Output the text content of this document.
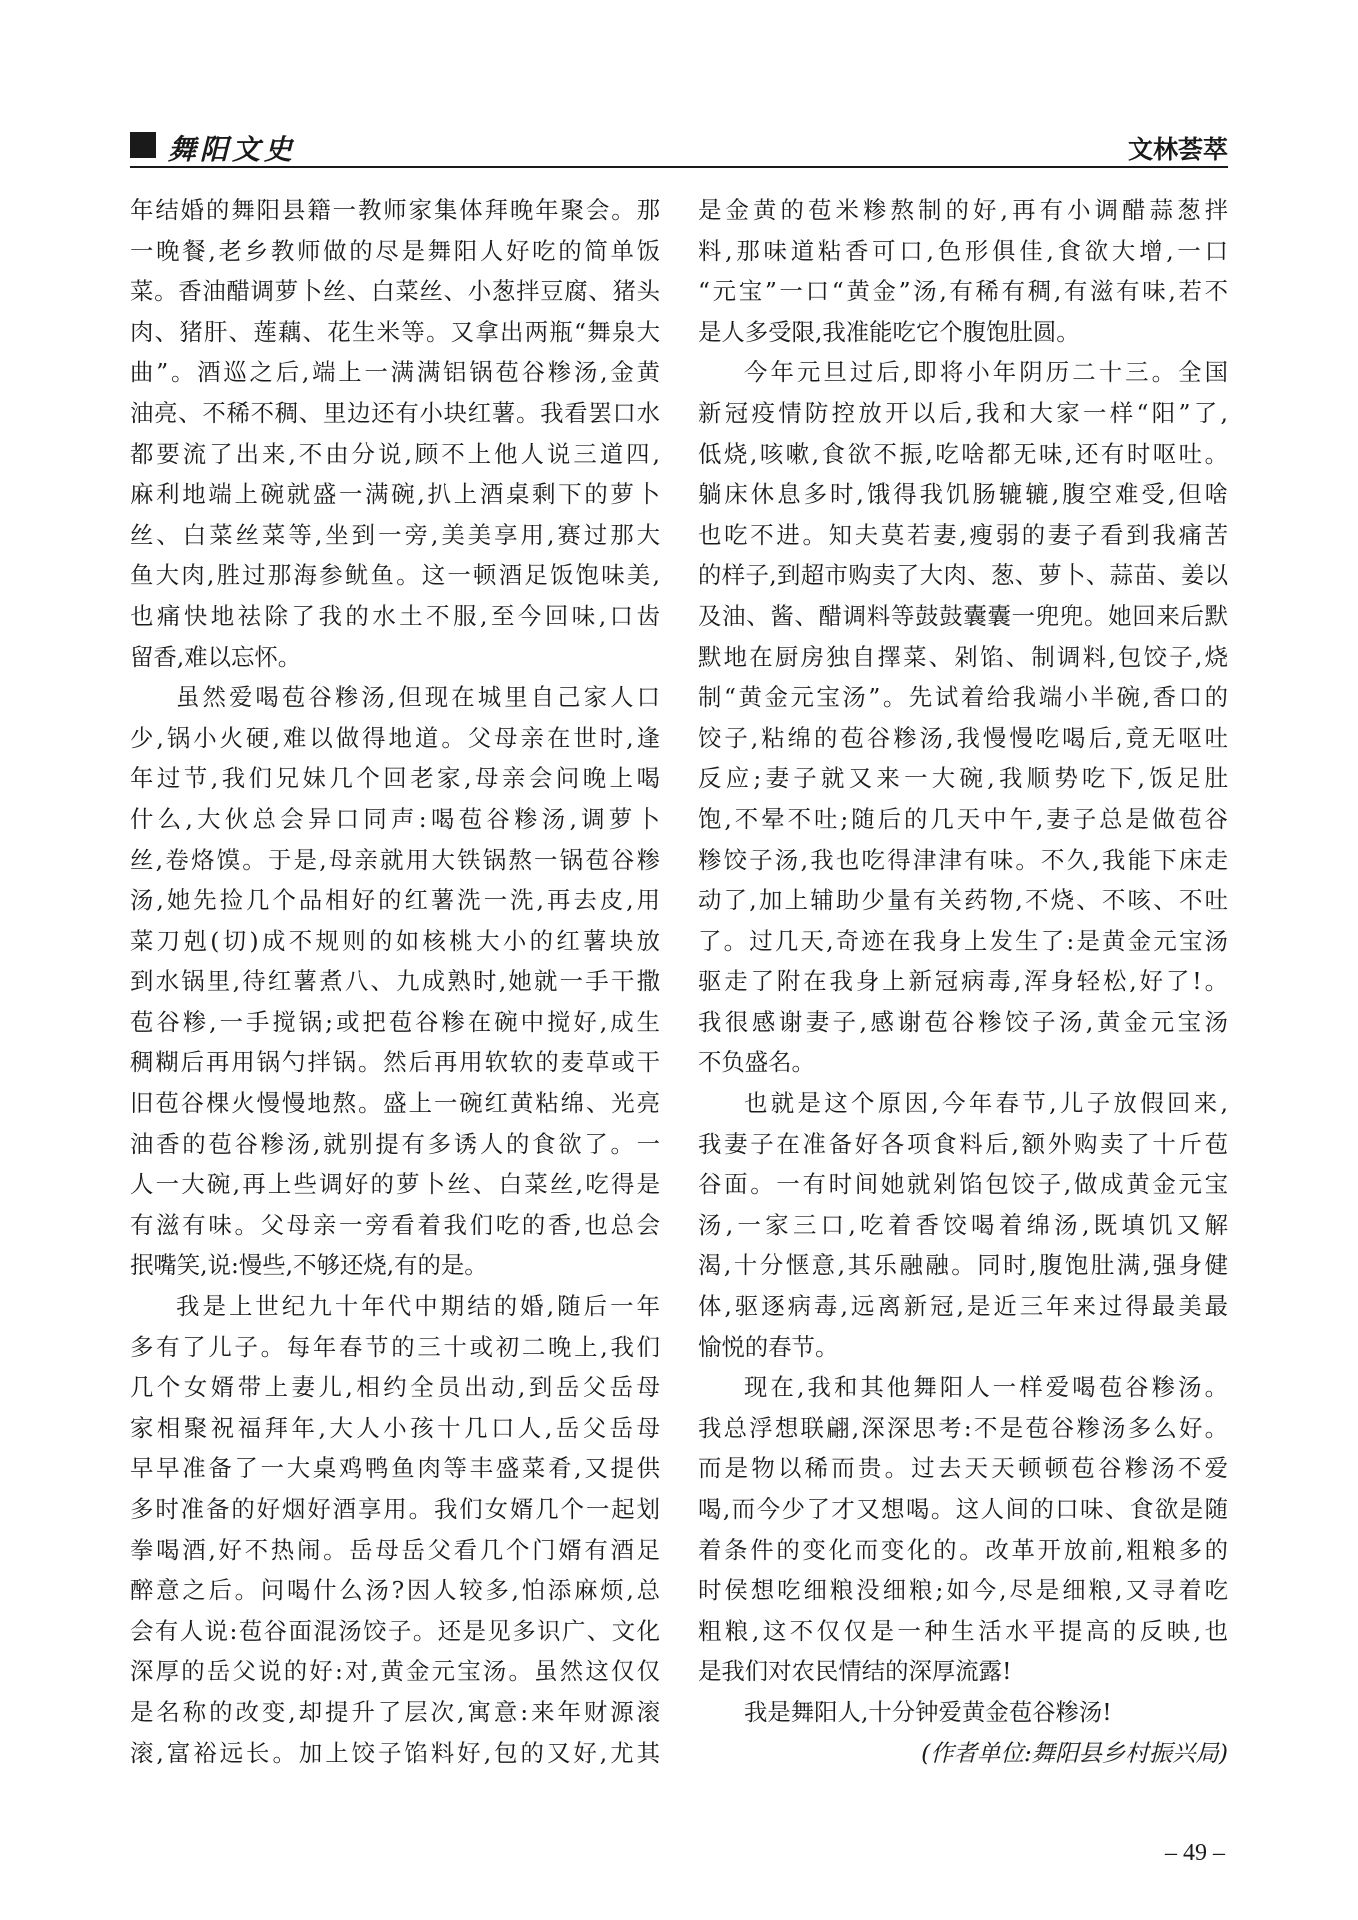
舞阳文史	文林荟萃
年结婚的舞阳县籍一教师家集体拜晚年聚会。那
一晚餐,老乡教师做的尽是舞阳人好吃的简单饭
菜。香油醋调萝卜丝、白菜丝、小葱拌豆腐、猪头
肉、猪肝、莲藕、花生米等。又拿出两瓶“舞泉大
曲”。酒巡之后,端上一满满铝锅苞谷糁汤,金黄
油亮、不稀不稠、里边还有小块红薯。我看罢口水
都要流了出来,不由分说,顾不上他人说三道四,
麻利地端上碗就盛一满碗,扒上酒桌剩下的萝卜
丝、白菜丝菜等,坐到一旁,美美享用,赛过那大
鱼大肉,胜过那海参鱿鱼。这一顿酒足饭饱味美,
也痛快地祛除了我的水土不服,至今回味,口齿
留香,难以忘怀。
虽然爱喝苞谷糁汤,但现在城里自己家人口
少,锅小火硬,难以做得地道。父母亲在世时,逢
年过节,我们兄妹几个回老家,母亲会问晚上喝
什么,大伙总会异口同声:喝苞谷糁汤,调萝卜
丝,卷烙馍。于是,母亲就用大铁锅熬一锅苞谷糁
汤,她先捡几个品相好的红薯洗一洗,再去皮,用
菜刀剋(切)成不规则的如核桃大小的红薯块放
到水锅里,待红薯煮八、九成熟时,她就一手干撒
苞谷糁,一手搅锅;或把苞谷糁在碗中搅好,成生
稠糊后再用锅勺拌锅。然后再用软软的麦草或干
旧苞谷棵火慢慢地熬。盛上一碗红黄粘绵、光亮
油香的苞谷糁汤,就别提有多诱人的食欲了。一
人一大碗,再上些调好的萝卜丝、白菜丝,吃得是
有滋有味。父母亲一旁看着我们吃的香,也总会
抿嘴笑,说:慢些,不够还烧,有的是。
我是上世纪九十年代中期结的婚,随后一年
多有了儿子。每年春节的三十或初二晚上,我们
几个女婿带上妻儿,相约全员出动,到岳父岳母
家相聚祝福拜年,大人小孩十几口人,岳父岳母
早早准备了一大桌鸡鸭鱼肉等丰盛菜肴,又提供
多时准备的好烟好酒享用。我们女婿几个一起划
拳喝酒,好不热闹。岳母岳父看几个门婿有酒足
醉意之后。问喝什么汤?因人较多,怕添麻烦,总
会有人说:苞谷面混汤饺子。还是见多识广、文化
深厚的岳父说的好:对,黄金元宝汤。虽然这仅仅
是名称的改变,却提升了层次,寓意:来年财源滚
滚,富裕远长。加上饺子馅料好,包的又好,尤其
是金黄的苞米糁熬制的好,再有小调醋蒜葱拌
料,那味道粘香可口,色形俱佳,食欲大增,一口
“元宝”一口“黄金”汤,有稀有稠,有滋有味,若不
是人多受限,我准能吃它个腹饱肚圆。
今年元旦过后,即将小年阴历二十三。全国
新冠疫情防控放开以后,我和大家一样“阳”了,
低烧,咳嗽,食欲不振,吃啥都无味,还有时呕吐。
躺床休息多时,饿得我饥肠辘辘,腹空难受,但啥
也吃不进。知夫莫若妻,瘦弱的妻子看到我痛苦
的样子,到超市购卖了大肉、葱、萝卜、蒜苗、姜以
及油、酱、醋调料等鼓鼓囊囊一兜兜。她回来后默
默地在厨房独自擇菜、剁馅、制调料,包饺子,烧
制“黄金元宝汤”。先试着给我端小半碗,香口的
饺子,粘绵的苞谷糁汤,我慢慢吃喝后,竟无呕吐
反应;妻子就又来一大碗,我顺势吃下,饭足肚
饱,不晕不吐;随后的几天中午,妻子总是做苞谷
糁饺子汤,我也吃得津津有味。不久,我能下床走
动了,加上辅助少量有关药物,不烧、不咳、不吐
了。过几天,奇迹在我身上发生了:是黄金元宝汤
驱走了附在我身上新冠病毒,浑身轻松,好了!。
我很感谢妻子,感谢苞谷糁饺子汤,黄金元宝汤
不负盛名。
也就是这个原因,今年春节,儿子放假回来,
我妻子在准备好各项食料后,额外购卖了十斤苞
谷面。一有时间她就剁馅包饺子,做成黄金元宝
汤,一家三口,吃着香饺喝着绵汤,既填饥又解
渴,十分惬意,其乐融融。同时,腹饱肚满,强身健
体,驱逐病毒,远离新冠,是近三年来过得最美最
愉悦的春节。
现在,我和其他舞阳人一样爱喝苞谷糁汤。
我总浮想联翩,深深思考:不是苞谷糁汤多么好。
而是物以稀而贵。过去天天顿顿苞谷糁汤不爱
喝,而今少了才又想喝。这人间的口味、食欲是随
着条件的变化而变化的。改革开放前,粗粮多的
时侯想吃细粮没细粮;如今,尽是细粮,又寻着吃
粗粮,这不仅仅是一种生活水平提高的反映,也
是我们对农民情结的深厚流露!
我是舞阳人,十分钟爱黄金苞谷糁汤!
(作者单位:舞阳县乡村振兴局)
– 49 –
